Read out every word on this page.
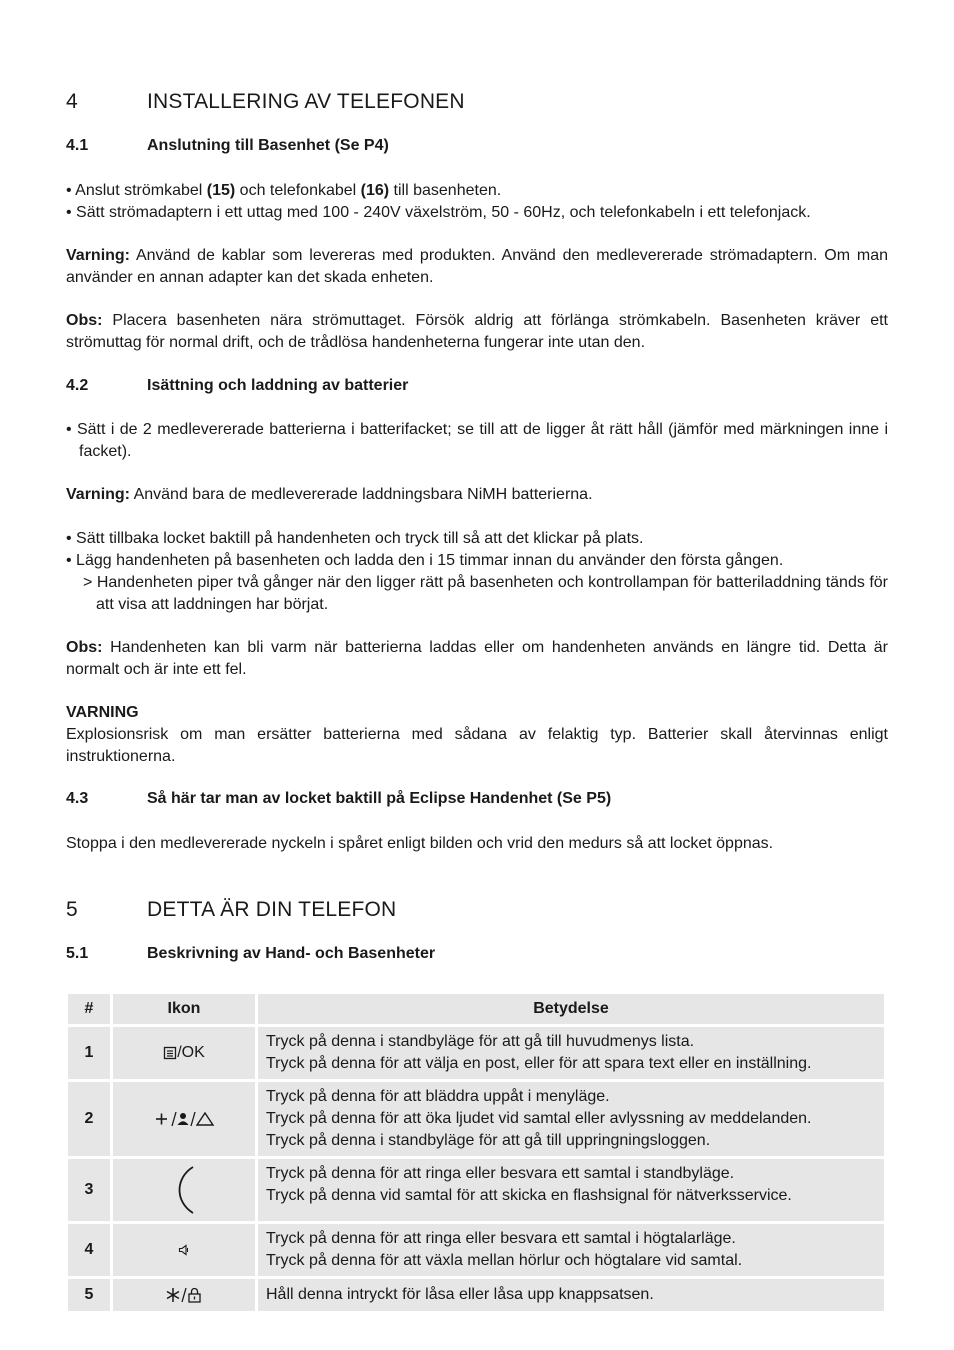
4	INSTALLERING AV TELEFONEN
4.1	Anslutning till Basenhet (Se P4)
• Anslut strömkabel (15) och telefonkabel (16) till basenheten.
• Sätt strömadaptern i ett uttag med 100 - 240V växelström, 50 - 60Hz, och telefonkabeln i ett telefonjack.
Varning: Använd de kablar som levereras med produkten. Använd den medlevererade strömadaptern. Om man använder en annan adapter kan det skada enheten.
Obs: Placera basenheten nära strömuttaget. Försök aldrig att förlänga strömkabeln. Basenheten kräver ett strömuttag för normal drift, och de trådlösa handenheterna fungerar inte utan den.
4.2	Isättning och laddning av batterier
• Sätt i de 2 medlevererade batterierna i batterifacket; se till att de ligger åt rätt håll (jämför med märkningen inne i facket).
Varning: Använd bara de medlevererade laddningsbara NiMH batterierna.
• Sätt tillbaka locket baktill på handenheten och tryck till så att det klickar på plats.
• Lägg handenheten på basenheten och ladda den i 15 timmar innan du använder den första gången.
> Handenheten piper två gånger när den ligger rätt på basenheten och kontrollampan för batteriladdning tänds för att visa att laddningen har börjat.
Obs: Handenheten kan bli varm när batterierna laddas eller om handenheten används en längre tid. Detta är normalt och är inte ett fel.
VARNING
Explosionsrisk om man ersätter batterierna med sådana av felaktig typ. Batterier skall återvinnas enligt instruktionerna.
4.3	Så här tar man av locket baktill på Eclipse Handenhet (Se P5)
Stoppa i den medlevererade nyckeln i spåret enligt bilden och vrid den medurs så att locket öppnas.
5	DETTA ÄR DIN TELEFON
5.1	Beskrivning av Hand- och Basenheter
#	Ikon	Betydelse
1	/OK	Tryck på denna i standbyläge för att gå till huvudmenys lista.
Tryck på denna för att välja en post, eller för att spara text eller en inställning.

2		Tryck på denna för att bläddra uppåt i menyläge.
Tryck på denna för att öka ljudet vid samtal eller avlyssning av meddelanden.
Tryck på denna i standbyläge för att gå till uppringningsloggen.

3		Tryck på denna för att ringa eller besvara ett samtal i standbyläge.
Tryck på denna vid samtal för att skicka en flashsignal för nätverksservice.

4		Tryck på denna för att ringa eller besvara ett samtal i högtalarläge.
Tryck på denna för att växla mellan hörlur och högtalare vid samtal.

5		Håll denna intryckt för låsa eller låsa upp knappsatsen.
